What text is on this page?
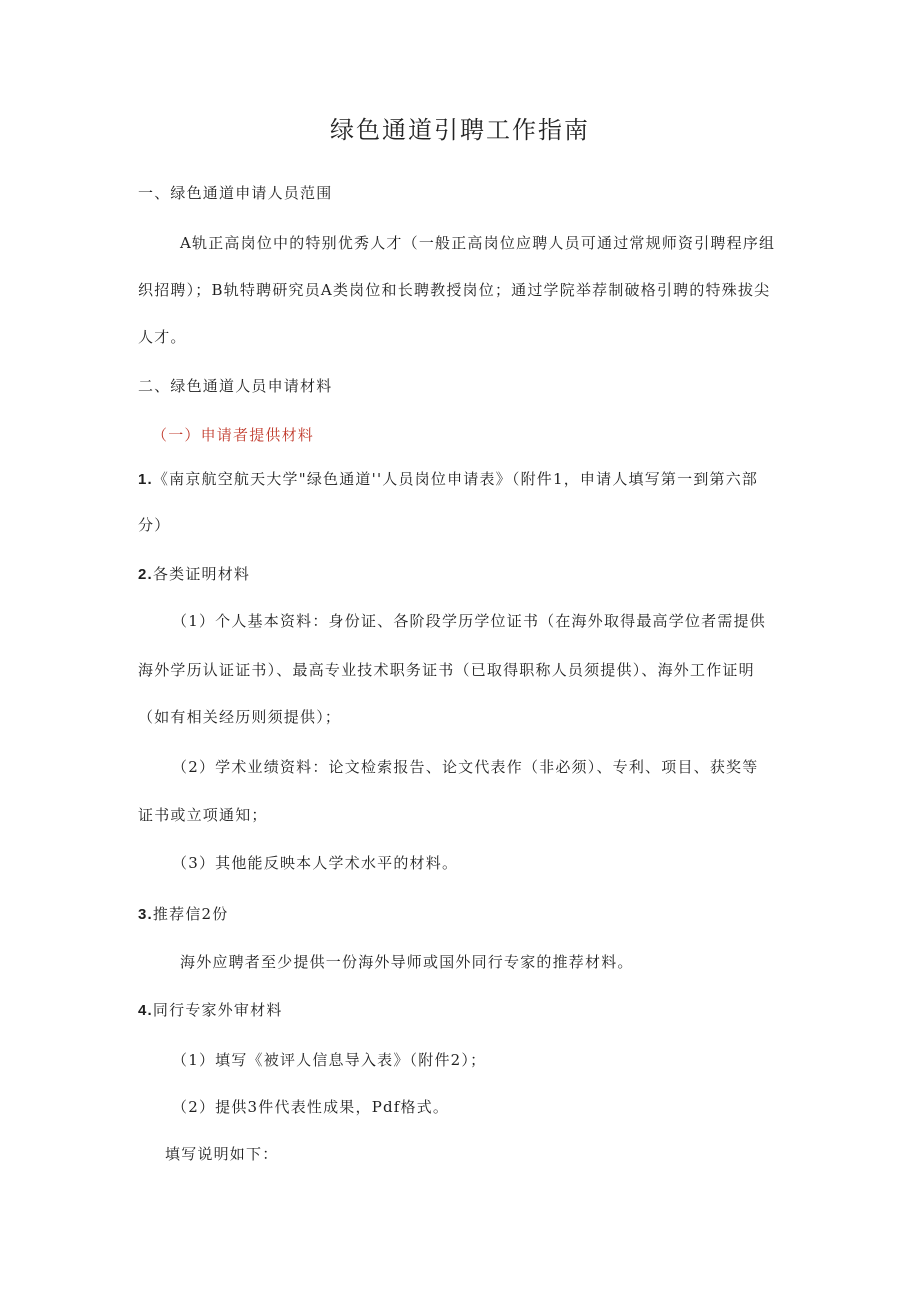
绿色通道引聘工作指南
一、绿色通道申请人员范围
A轨正高岗位中的特别优秀人才（一般正高岗位应聘人员可通过常规师资引聘程序组
织招聘）；B轨特聘研究员A类岗位和长聘教授岗位；通过学院举荐制破格引聘的特殊拔尖
人才。
二、绿色通道人员申请材料
（一）申请者提供材料
1.《南京航空航天大学"绿色通道''人员岗位申请表》（附件1，申请人填写第一到第六部
分）
2.各类证明材料
（1）个人基本资料：身份证、各阶段学历学位证书（在海外取得最高学位者需提供
海外学历认证证书）、最高专业技术职务证书（已取得职称人员须提供）、海外工作证明
（如有相关经历则须提供）；
（2）学术业绩资料：论文检索报告、论文代表作（非必须）、专利、项目、获奖等
证书或立项通知；
（3）其他能反映本人学术水平的材料。
3.推荐信2份
海外应聘者至少提供一份海外导师或国外同行专家的推荐材料。
4.同行专家外审材料
（1）填写《被评人信息导入表》（附件2）；
（2）提供3件代表性成果，Pdf格式。
填写说明如下：
